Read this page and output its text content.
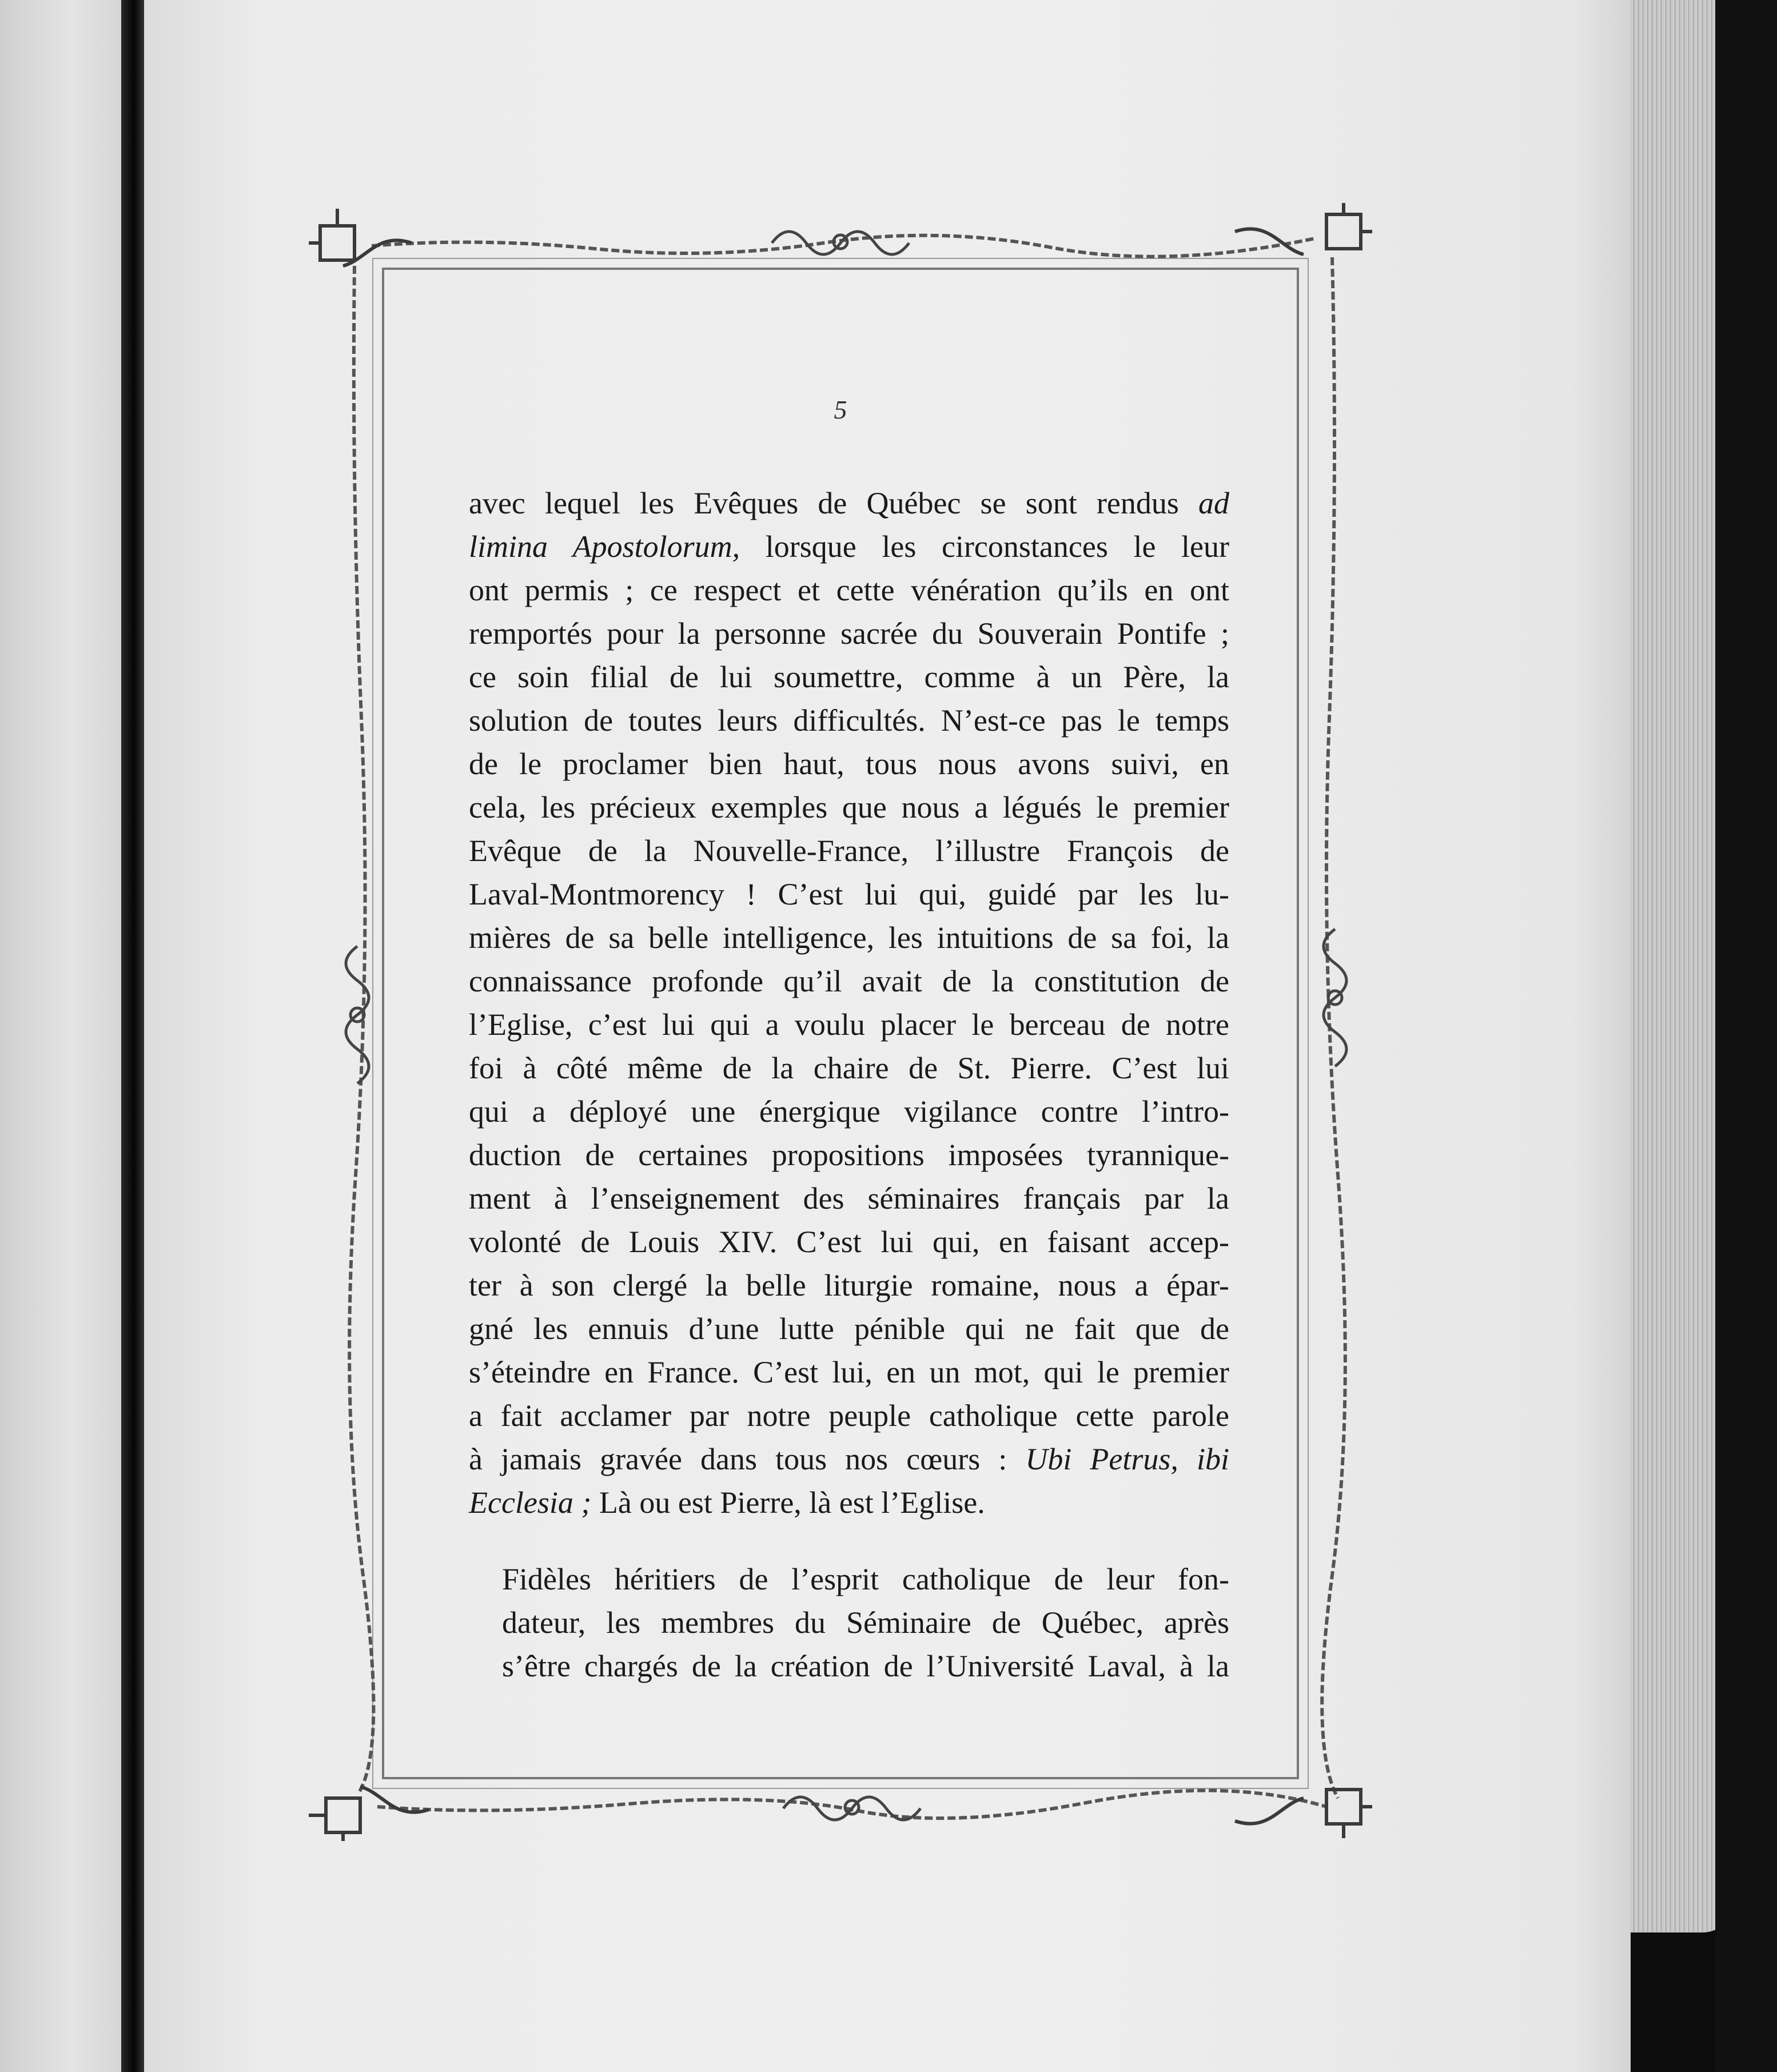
5
avec lequel les Evêques de Québec se sont rendus ad
limina Apostolorum, lorsque les circonstances le leur
ont permis ; ce respect et cette vénération qu’ils en ont
remportés pour la personne sacrée du Souverain Pontife ;
ce soin filial de lui soumettre, comme à un Père, la
solution de toutes leurs difficultés. N’est-ce pas le temps
de le proclamer bien haut, tous nous avons suivi, en
cela, les précieux exemples que nous a légués le premier
Evêque de la Nouvelle-France, l’illustre François de
Laval-Montmorency ! C’est lui qui, guidé par les lu-
mières de sa belle intelligence, les intuitions de sa foi, la
connaissance profonde qu’il avait de la constitution de
l’Eglise, c’est lui qui a voulu placer le berceau de notre
foi à côté même de la chaire de St. Pierre. C’est lui
qui a déployé une énergique vigilance contre l’intro-
duction de certaines propositions imposées tyrannique-
ment à l’enseignement des séminaires français par la
volonté de Louis XIV. C’est lui qui, en faisant accep-
ter à son clergé la belle liturgie romaine, nous a épar-
gné les ennuis d’une lutte pénible qui ne fait que de
s’éteindre en France. C’est lui, en un mot, qui le premier
a fait acclamer par notre peuple catholique cette parole
à jamais gravée dans tous nos cœurs : Ubi Petrus, ibi
Ecclesia ; Là ou est Pierre, là est l’Eglise.
Fidèles héritiers de l’esprit catholique de leur fon-
dateur, les membres du Séminaire de Québec, après
s’être chargés de la création de l’Université Laval, à la
